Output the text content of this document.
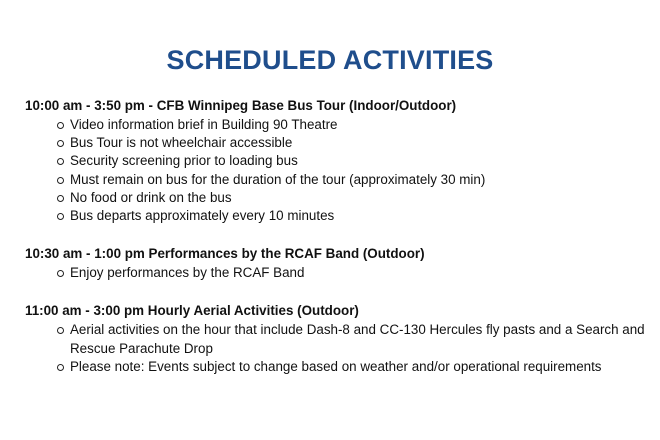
SCHEDULED ACTIVITIES

10:00 am - 3:50 pm - CFB Winnipeg Base Bus Tour (Indoor/Outdoor)

Video information brief in Building 90 Theatre
Bus Tour is not wheelchair accessible
Security screening prior to loading bus
Must remain on bus for the duration of the tour (approximately 30 min)
No food or drink on the bus
Bus departs approximately every 10 minutes

10:30 am - 1:00 pm Performances by the RCAF Band (Outdoor)

Enjoy performances by the RCAF Band

11:00 am - 3:00 pm Hourly Aerial Activities (Outdoor)

Aerial activities on the hour that include Dash-8 and CC-130 Hercules fly pasts and a Search and Rescue Parachute Drop
Please note: Events subject to change based on weather and/or operational requirements
